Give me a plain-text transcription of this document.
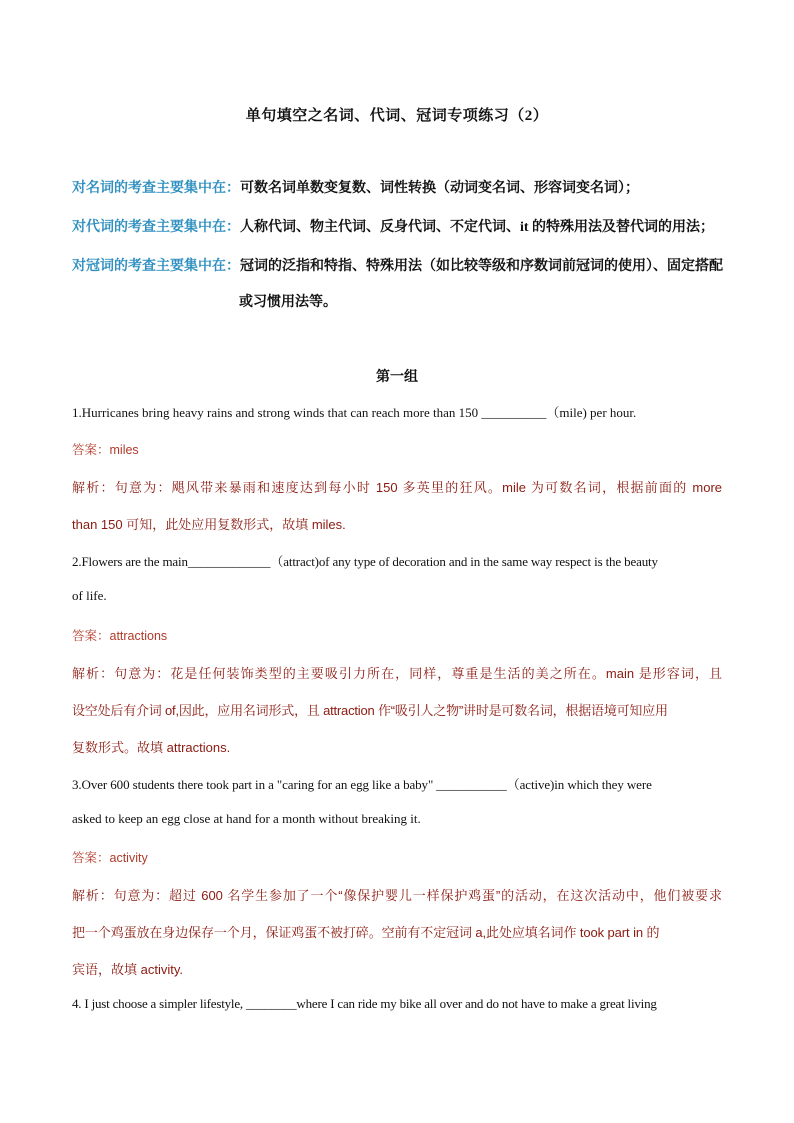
单句填空之名词、代词、冠词专项练习（2）
对名词的考查主要集中在：可数名词单数变复数、词性转换（动词变名词、形容词变名词）；
对代词的考查主要集中在：人称代词、物主代词、反身代词、不定代词、it 的特殊用法及替代词的用法；
对冠词的考查主要集中在：冠词的泛指和特指、特殊用法（如比较等级和序数词前冠词的使用）、固定搭配
或习惯用法等。
第一组
1.Hurricanes bring heavy rains and strong winds that can reach more than 150 __________（mile) per hour.
答案：miles
解析：句意为：飓风带来暴雨和速度达到每小时 150 多英里的狂风。mile 为可数名词，根据前面的 more
than 150 可知，此处应用复数形式，故填 miles.
2.Flowers are the main_____________（attract)of any type of decoration and in the same way respect is the beauty
of life.
答案：attractions
解析：句意为：花是任何装饰类型的主要吸引力所在，同样，尊重是生活的美之所在。main 是形容词，且
设空处后有介词 of,因此，应用名词形式，且 attraction 作“吸引人之物”讲时是可数名词，根据语境可知应用
复数形式。故填 attractions.
3.Over 600 students there took part in a "caring for an egg like a baby" ___________（active)in which they were
asked to keep an egg close at hand for a month without breaking it.
答案：activity
解析：句意为：超过 600 名学生参加了一个“像保护婴儿一样保护鸡蛋”的活动，在这次活动中，他们被要求
把一个鸡蛋放在身边保存一个月，保证鸡蛋不被打碎。空前有不定冠词 a,此处应填名词作 took part in 的
宾语，故填 activity.
4. I just choose a simpler lifestyle, ________where I can ride my bike all over and do not have to make a great living
